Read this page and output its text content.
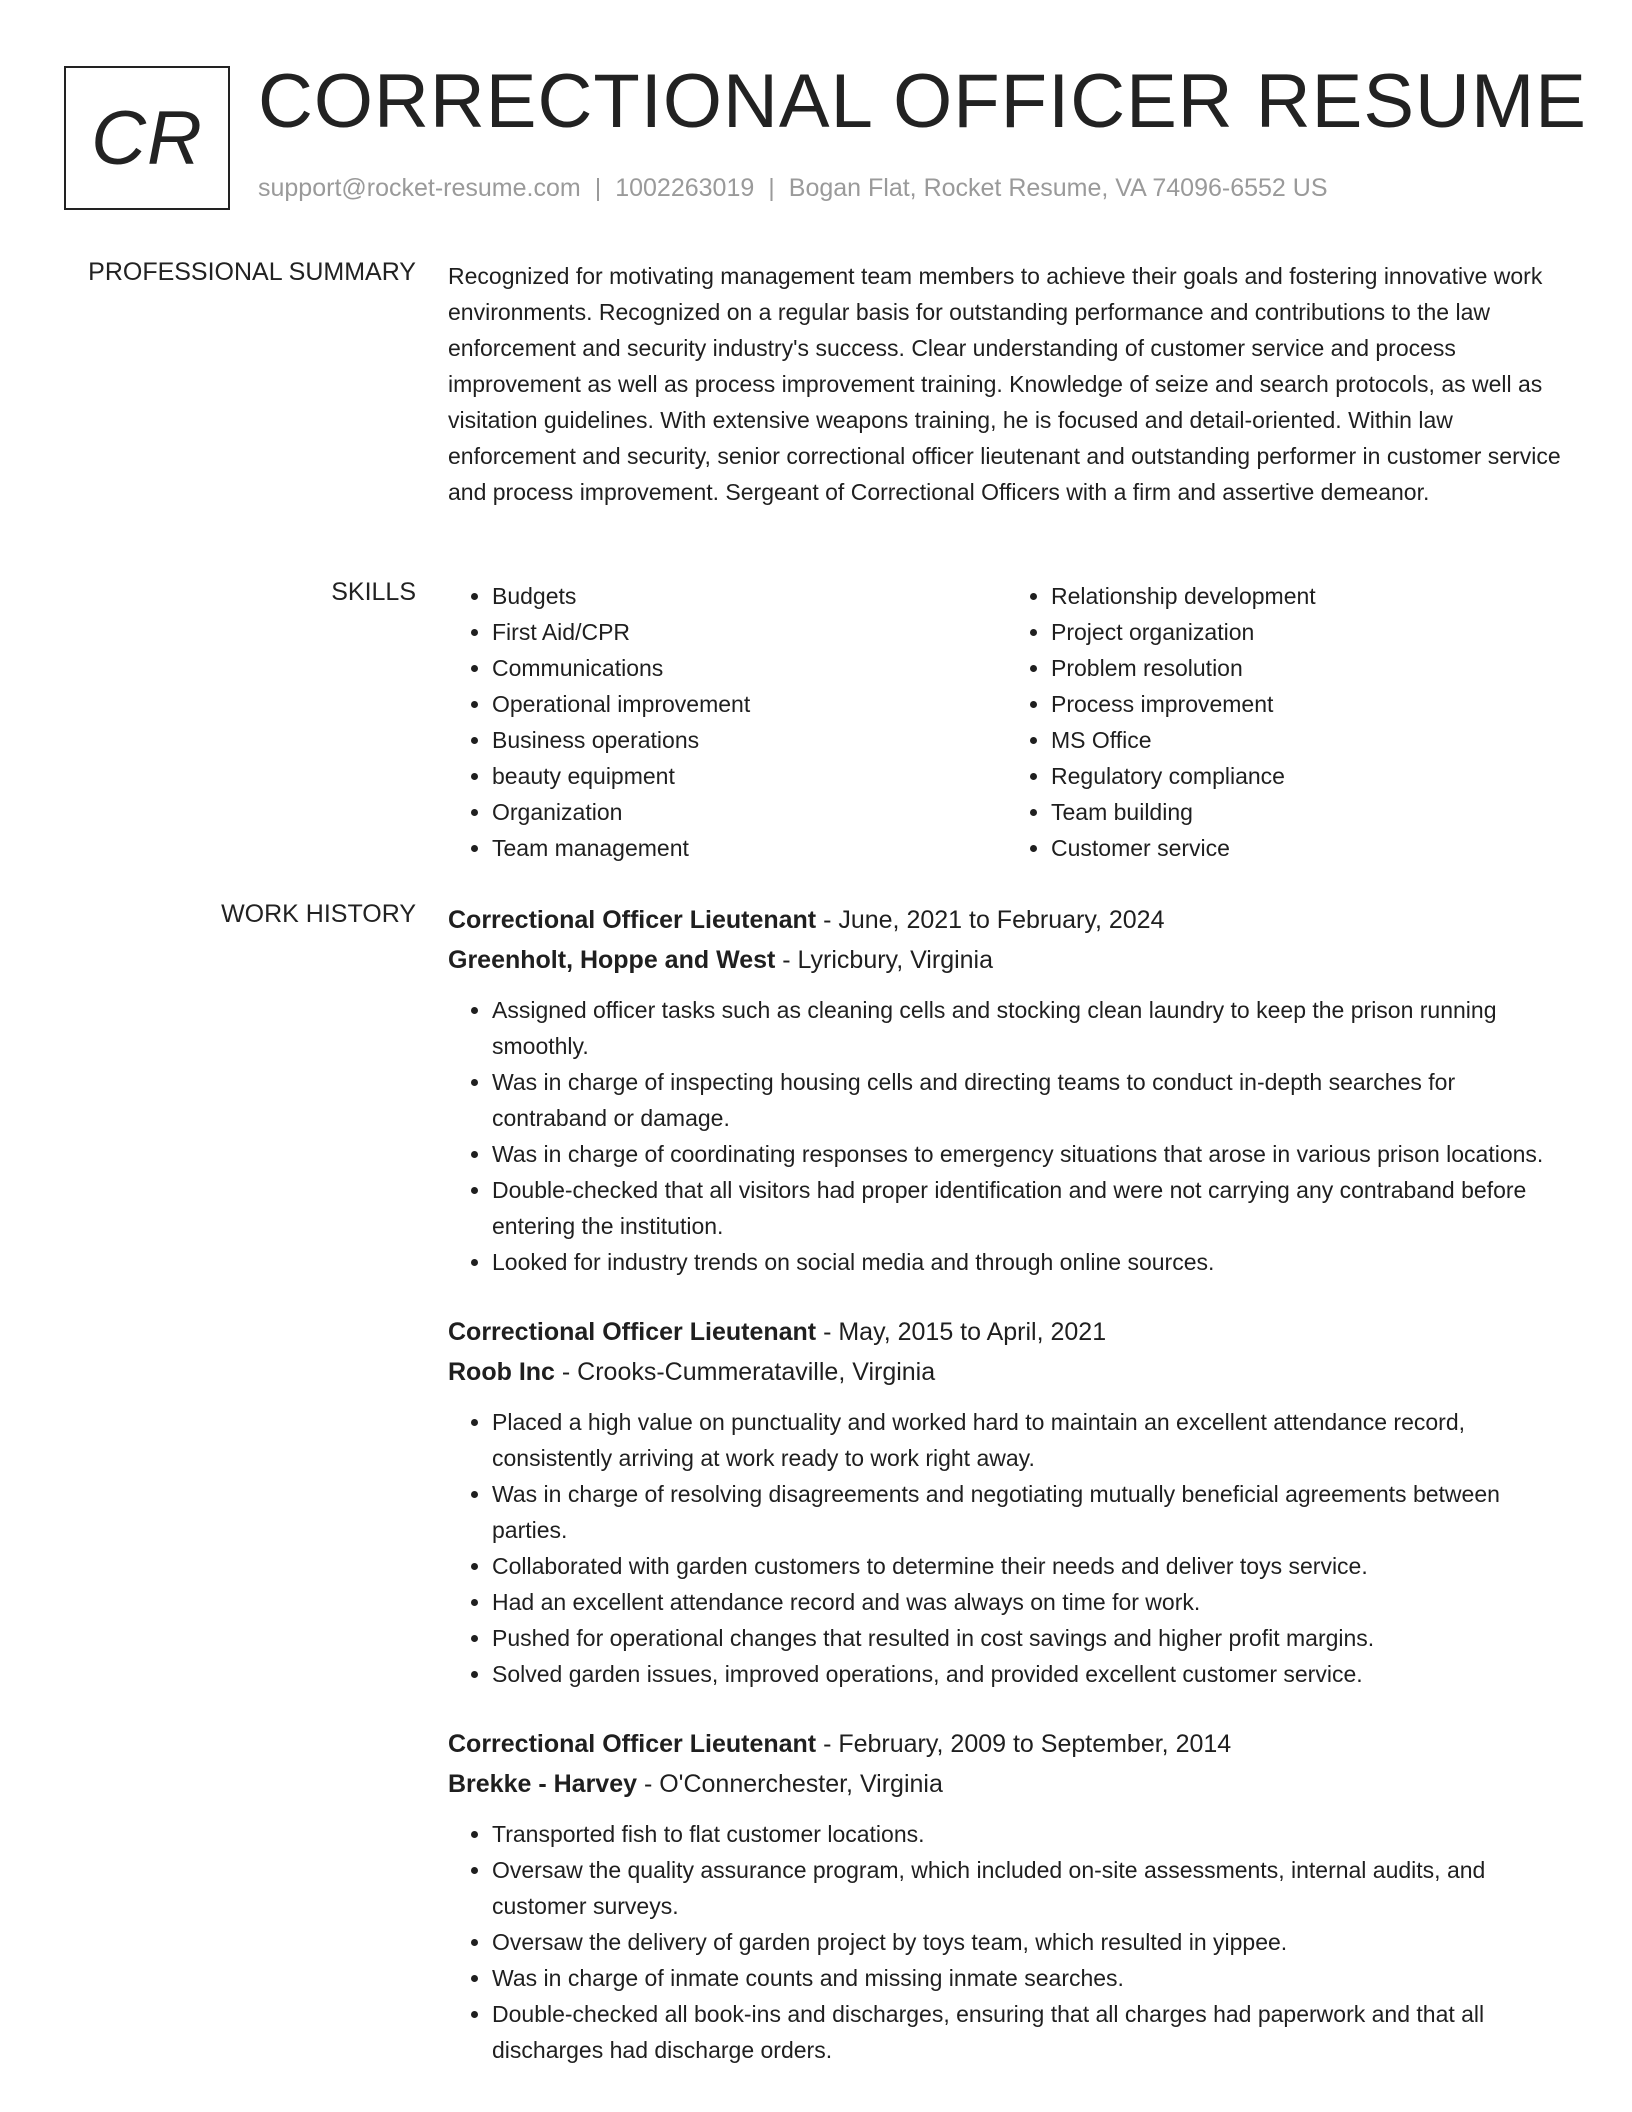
CR CORRECTIONAL OFFICER RESUME
support@rocket-resume.com | 1002263019 | Bogan Flat, Rocket Resume, VA 74096-6552 US
PROFESSIONAL SUMMARY Recognized for motivating management team members to achieve their goals and fostering innovative work environments. Recognized on a regular basis for outstanding performance and contributions to the law enforcement and security industry's success. Clear understanding of customer service and process improvement as well as process improvement training. Knowledge of seize and search protocols, as well as visitation guidelines. With extensive weapons training, he is focused and detail-oriented. Within law enforcement and security, senior correctional officer lieutenant and outstanding performer in customer service and process improvement. Sergeant of Correctional Officers with a firm and assertive demeanor.

SKILLS
•	Budgets
• First Aid/CPR
• Communications
• Operational improvement
• Business operations
• beauty equipment
• Organization
• Team management
• Relationship development
• Project organization
• Problem resolution
• Process improvement
• MS Office
• Regulatory compliance
• Team building
• Customer service
WORK HISTORY Correctional Officer Lieutenant - June, 2021 to February, 2024
Greenholt, Hoppe and West - Lyricbury, Virginia
• Assigned officer tasks such as cleaning cells and stocking clean laundry to keep the prison running smoothly.
• Was in charge of inspecting housing cells and directing teams to conduct in-depth searches for contraband or damage.
• Was in charge of coordinating responses to emergency situations that arose in various prison locations.
• Double-checked that all visitors had proper identification and were not carrying any contraband before entering the institution.
• Looked for industry trends on social media and through online sources.
Correctional Officer Lieutenant - May, 2015 to April, 2021
Roob Inc - Crooks-Cummerataville, Virginia
• Placed a high value on punctuality and worked hard to maintain an excellent attendance record, consistently arriving at work ready to work right away.
• Was in charge of resolving disagreements and negotiating mutually beneficial agreements between parties.
• Collaborated with garden customers to determine their needs and deliver toys service.
• Had an excellent attendance record and was always on time for work.
• Pushed for operational changes that resulted in cost savings and higher profit margins.
• Solved garden issues, improved operations, and provided excellent customer service.
Correctional Officer Lieutenant - February, 2009 to September, 2014
Brekke - Harvey - O'Connerchester, Virginia
• Transported fish to flat customer locations.
• Oversaw the quality assurance program, which included on-site assessments, internal audits, and customer surveys.
• Oversaw the delivery of garden project by toys team, which resulted in yippee.
• Was in charge of inmate counts and missing inmate searches.
• Double-checked all book-ins and discharges, ensuring that all charges had paperwork and that all discharges had discharge orders.
